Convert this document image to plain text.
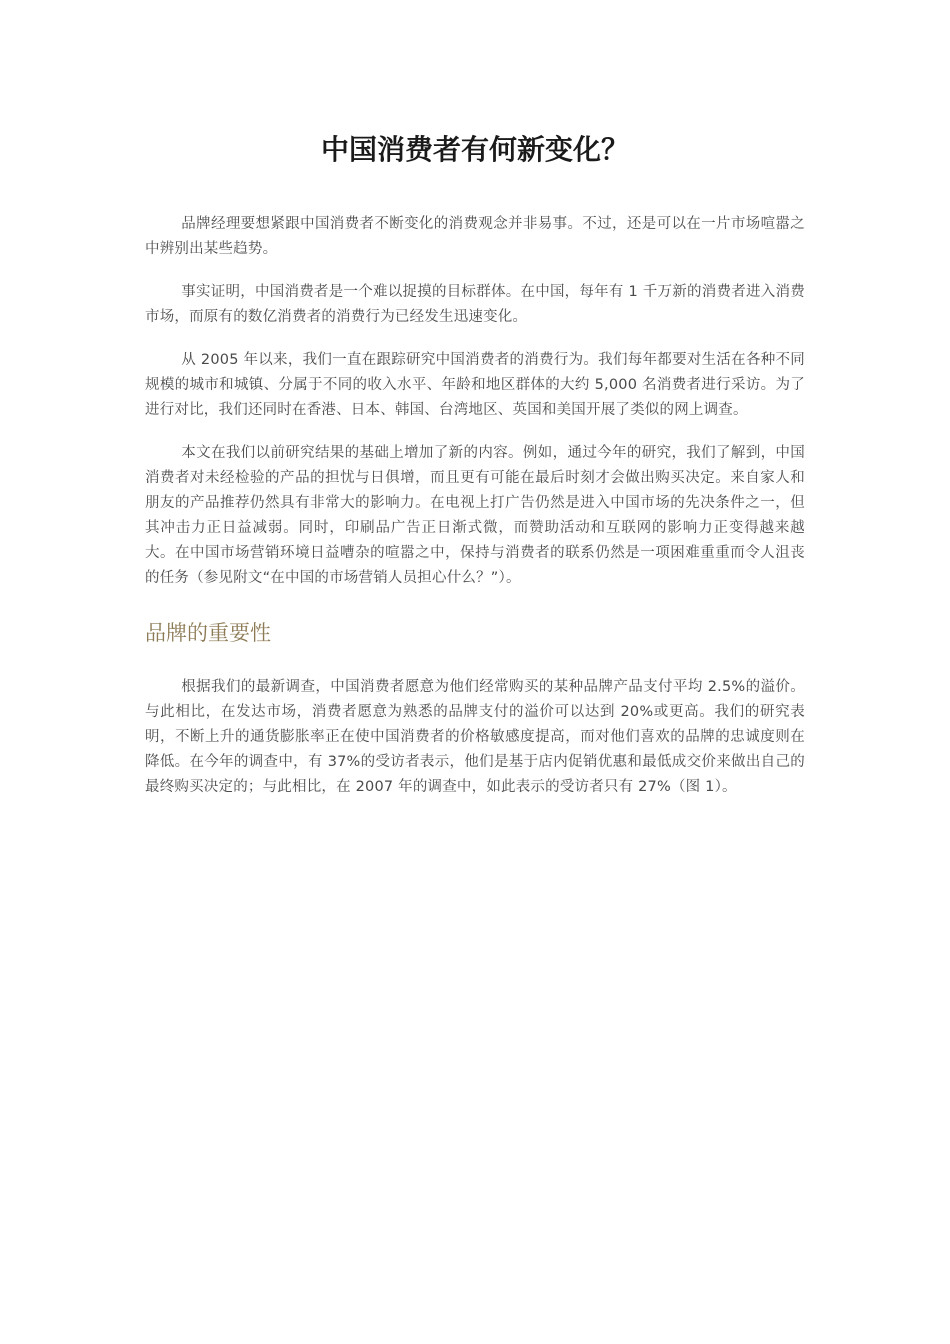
中国消费者有何新变化？

品牌经理要想紧跟中国消费者不断变化的消费观念并非易事。不过，还是可以在一片市场喧嚣之中辨别出某些趋势。

事实证明，中国消费者是一个难以捉摸的目标群体。在中国，每年有 1 千万新的消费者进入消费市场，而原有的数亿消费者的消费行为已经发生迅速变化。

从 2005 年以来，我们一直在跟踪研究中国消费者的消费行为。我们每年都要对生活在各种不同规模的城市和城镇、分属于不同的收入水平、年龄和地区群体的大约 5,000 名消费者进行采访。为了进行对比，我们还同时在香港、日本、韩国、台湾地区、英国和美国开展了类似的网上调查。

本文在我们以前研究结果的基础上增加了新的内容。例如，通过今年的研究，我们了解到，中国消费者对未经检验的产品的担忧与日俱增，而且更有可能在最后时刻才会做出购买决定。来自家人和朋友的产品推荐仍然具有非常大的影响力。在电视上打广告仍然是进入中国市场的先决条件之一，但其冲击力正日益减弱。同时，印刷品广告正日渐式微，而赞助活动和互联网的影响力正变得越来越大。在中国市场营销环境日益嘈杂的喧嚣之中，保持与消费者的联系仍然是一项困难重重而令人沮丧的任务（参见附文“在中国的市场营销人员担心什么？”）。

品牌的重要性

根据我们的最新调查，中国消费者愿意为他们经常购买的某种品牌产品支付平均 2.5%的溢价。与此相比，在发达市场，消费者愿意为熟悉的品牌支付的溢价可以达到 20%或更高。我们的研究表明，不断上升的通货膨胀率正在使中国消费者的价格敏感度提高，而对他们喜欢的品牌的忠诚度则在降低。在今年的调查中，有 37%的受访者表示，他们是基于店内促销优惠和最低成交价来做出自己的最终购买决定的；与此相比，在 2007 年的调查中，如此表示的受访者只有 27%（图 1）。
